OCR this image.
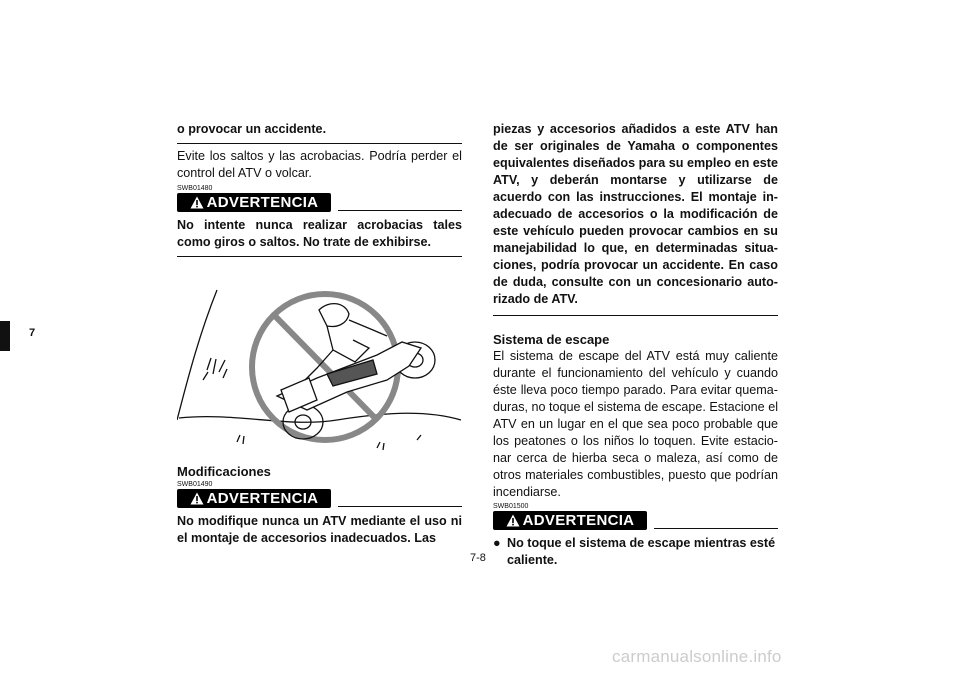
7
o provocar un accidente.
Evite los saltos y las acrobacias. Podría perder el control del ATV o volcar.
SWB01480
ADVERTENCIA
No intente nunca realizar acrobacias tales como giros o saltos. No trate de exhibirse.
Modificaciones
SWB01490
ADVERTENCIA
No modifique nunca un ATV mediante el uso ni el montaje de accesorios inadecuados. Las
piezas y accesorios añadidos a este ATV han de ser originales de Yamaha o componentes equivalentes diseñados para su empleo en este ATV, y deberán montarse y utilizarse de acuerdo con las instrucciones. El montaje in-adecuado de accesorios o la modificación de este vehículo pueden provocar cambios en su manejabilidad lo que, en determinadas situa-ciones, podría provocar un accidente. En caso de duda, consulte con un concesionario auto-rizado de ATV.
Sistema de escape
El sistema de escape del ATV está muy caliente durante el funcionamiento del vehículo y cuando éste lleva poco tiempo parado. Para evitar quema-duras, no toque el sistema de escape. Estacione el ATV en un lugar en el que sea poco probable que los peatones o los niños lo toquen. Evite estacio-nar cerca de hierba seca o maleza, así como de otros materiales combustibles, puesto que podrían incendiarse.
SWB01500
ADVERTENCIA
● No toque el sistema de escape mientras esté caliente.
7-8
carmanualsonline.info
